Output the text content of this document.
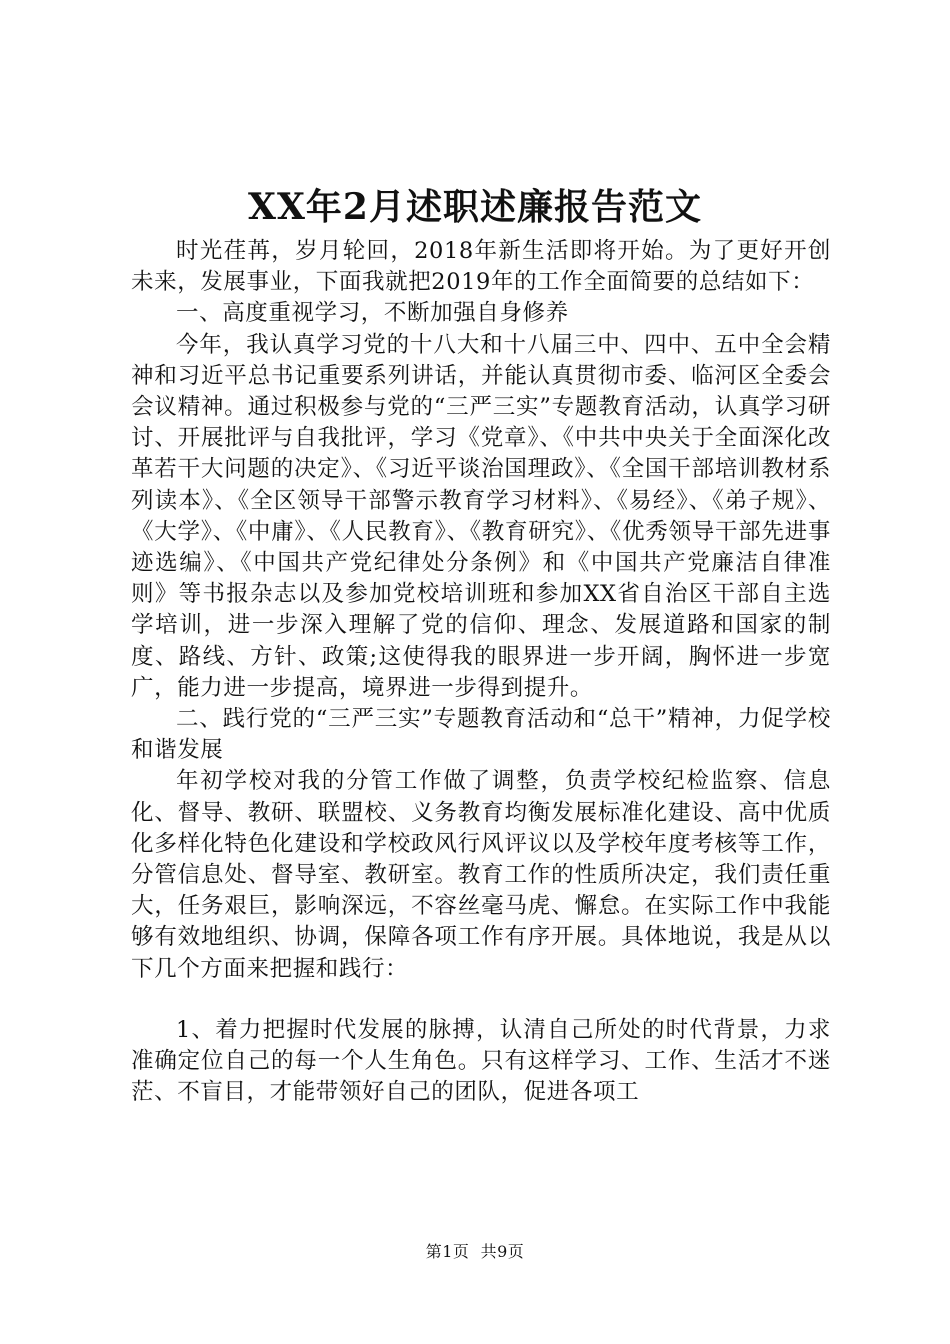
XX年2月述职述廉报告范文

时光荏苒，岁月轮回，2018年新生活即将开始。为了更好开创未来，发展事业，下面我就把2019年的工作全面简要的总结如下：

一、高度重视学习，不断加强自身修养

今年，我认真学习党的十八大和十八届三中、四中、五中全会精神和习近平总书记重要系列讲话，并能认真贯彻市委、临河区全委会会议精神。通过积极参与党的“三严三实”专题教育活动，认真学习研讨、开展批评与自我批评，学习《党章》、《中共中央关于全面深化改革若干大问题的决定》、《习近平谈治国理政》、《全国干部培训教材系列读本》、《全区领导干部警示教育学习材料》、《易经》、《弟子规》、《大学》、《中庸》、《人民教育》、《教育研究》、《优秀领导干部先进事迹选编》、《中国共产党纪律处分条例》和《中国共产党廉洁自律准则》等书报杂志以及参加党校培训班和参加XX省自治区干部自主选学培训，进一步深入理解了党的信仰、理念、发展道路和国家的制度、路线、方针、政策;这使得我的眼界进一步开阔，胸怀进一步宽广，能力进一步提高，境界进一步得到提升。

二、践行党的“三严三实”专题教育活动和“总干”精神，力促学校和谐发展

年初学校对我的分管工作做了调整，负责学校纪检监察、信息化、督导、教研、联盟校、义务教育均衡发展标准化建设、高中优质化多样化特色化建设和学校政风行风评议以及学校年度考核等工作，分管信息处、督导室、教研室。教育工作的性质所决定，我们责任重大，任务艰巨，影响深远，不容丝毫马虎、懈怠。在实际工作中我能够有效地组织、协调，保障各项工作有序开展。具体地说，我是从以下几个方面来把握和践行：

1、着力把握时代发展的脉搏，认清自己所处的时代背景，力求准确定位自己的每一个人生角色。只有这样学习、工作、生活才不迷茫、不盲目，才能带领好自己的团队，促进各项工

第1页 共9页
